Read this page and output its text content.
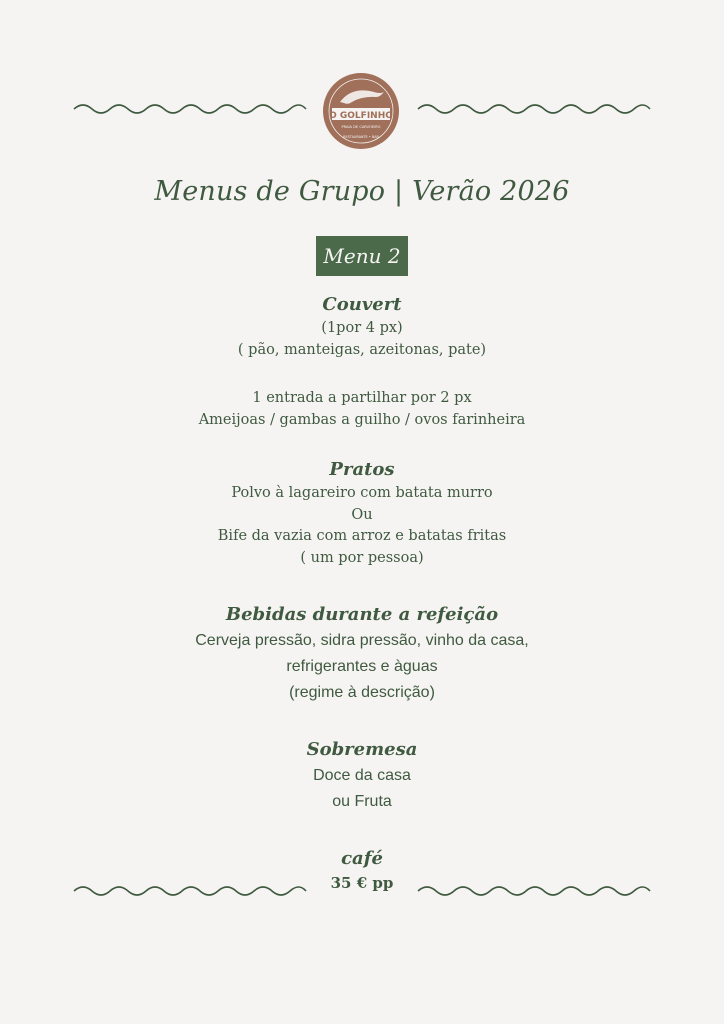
O GOLFINHO
PRAIA DE CARVOEIRO
RESTAURANTE • BAR
Menus de Grupo | Verão 2026
Menu 2
Couvert
(1por 4 px)
( pão, manteigas, azeitonas, pate)
1 entrada a partilhar por 2 px
Ameijoas / gambas a guilho / ovos farinheira
Pratos
Polvo à lagareiro com batata murro
Ou
Bife da vazia com arroz e batatas fritas
( um por pessoa)
Bebidas durante a refeição
Cerveja pressão, sidra pressão, vinho da casa,
refrigerantes e àguas
(regime à descrição)
Sobremesa
Doce da casa
ou Fruta
café
35 € pp
